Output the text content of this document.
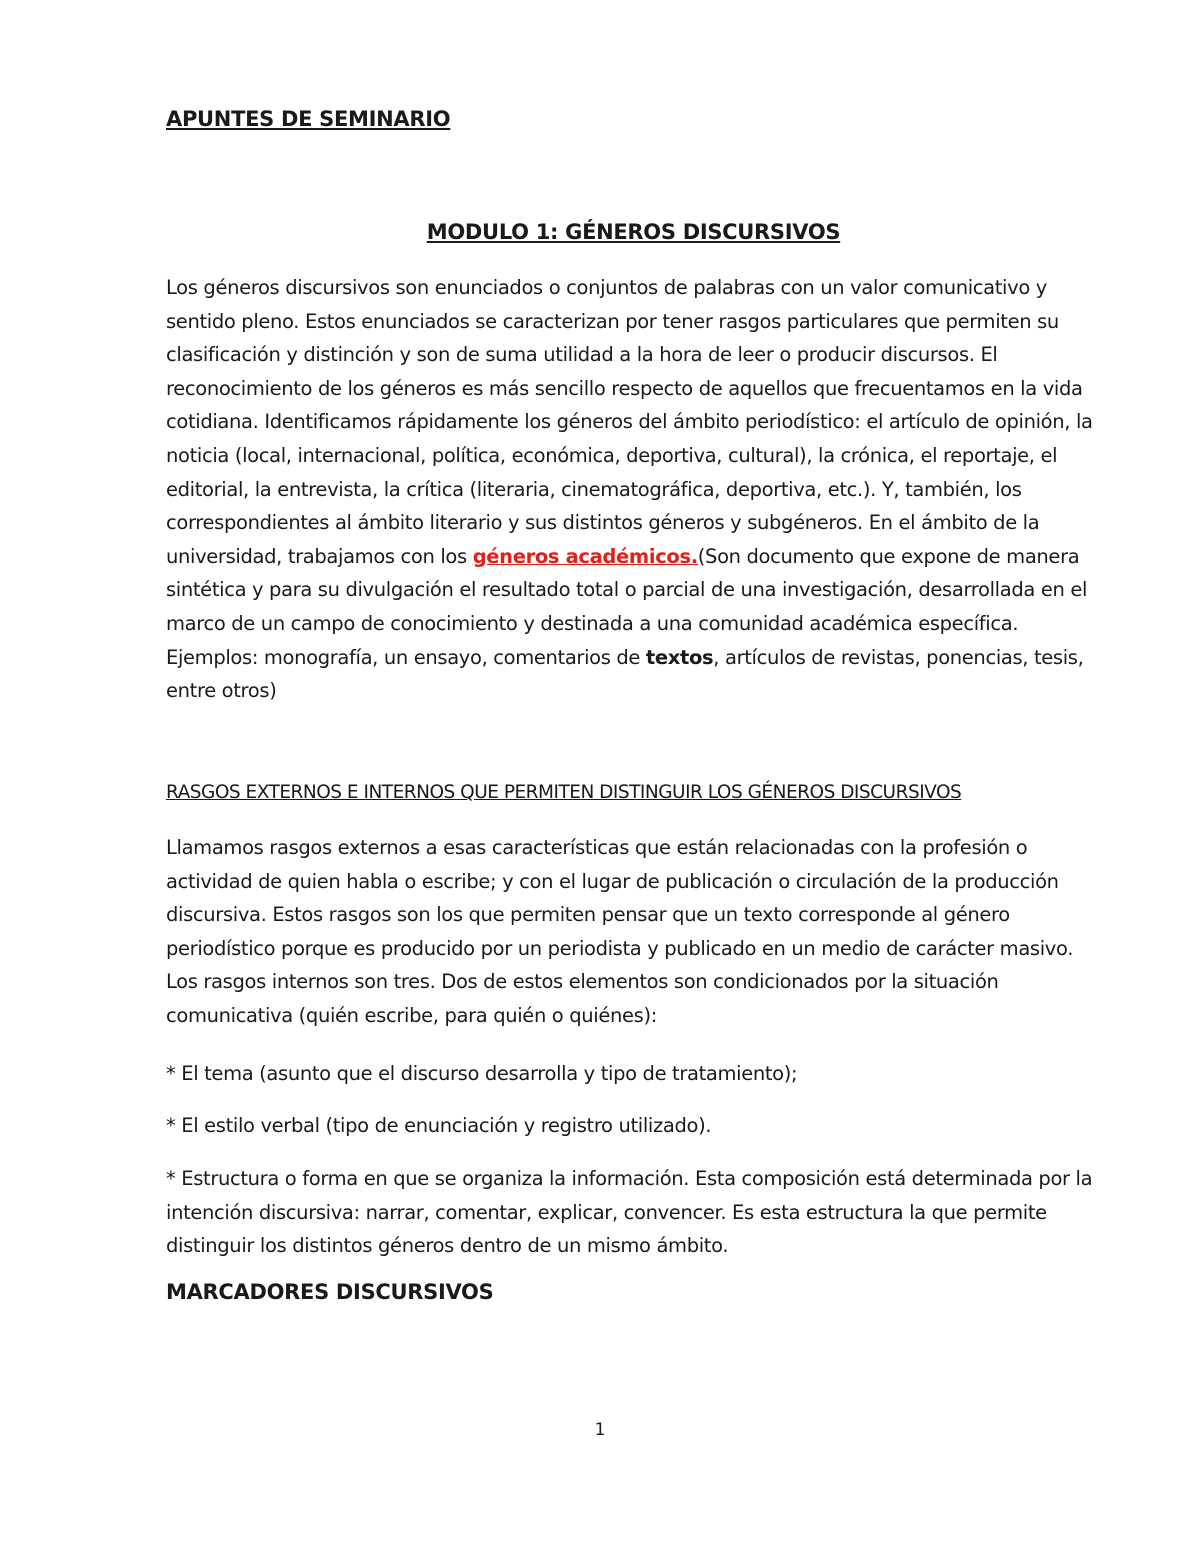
APUNTES DE SEMINARIO
MODULO 1: GÉNEROS DISCURSIVOS

Los géneros discursivos son enunciados o conjuntos de palabras con un valor comunicativo y sentido pleno. Estos enunciados se caracterizan por tener rasgos particulares que permiten su clasificación y distinción y son de suma utilidad a la hora de leer o producir discursos. El reconocimiento de los géneros es más sencillo respecto de aquellos que frecuentamos en la vida cotidiana. Identificamos rápidamente los géneros del ámbito periodístico: el artículo de opinión, la noticia (local, internacional, política, económica, deportiva, cultural), la crónica, el reportaje, el editorial, la entrevista, la crítica (literaria, cinematográfica, deportiva, etc.). Y, también, los correspondientes al ámbito literario y sus distintos géneros y subgéneros. En el ámbito de la universidad, trabajamos con los géneros académicos.(Son documento que expone de manera sintética y para su divulgación el resultado total o parcial de una investigación, desarrollada en el marco de un campo de conocimiento y destinada a una comunidad académica específica. Ejemplos: monografía, un ensayo, comentarios de textos, artículos de revistas, ponencias, tesis, entre otros)

RASGOS EXTERNOS E INTERNOS QUE PERMITEN DISTINGUIR LOS GÉNEROS DISCURSIVOS

Llamamos rasgos externos a esas características que están relacionadas con la profesión o actividad de quien habla o escribe; y con el lugar de publicación o circulación de la producción discursiva. Estos rasgos son los que permiten pensar que un texto corresponde al género periodístico porque es producido por un periodista y publicado en un medio de carácter masivo. Los rasgos internos son tres. Dos de estos elementos son condicionados por la situación comunicativa (quién escribe, para quién o quiénes):

* El tema (asunto que el discurso desarrolla y tipo de tratamiento);

* El estilo verbal (tipo de enunciación y registro utilizado).

* Estructura o forma en que se organiza la información. Esta composición está determinada por la intención discursiva: narrar, comentar, explicar, convencer. Es esta estructura la que permite distinguir los distintos géneros dentro de un mismo ámbito.

MARCADORES DISCURSIVOS
1
